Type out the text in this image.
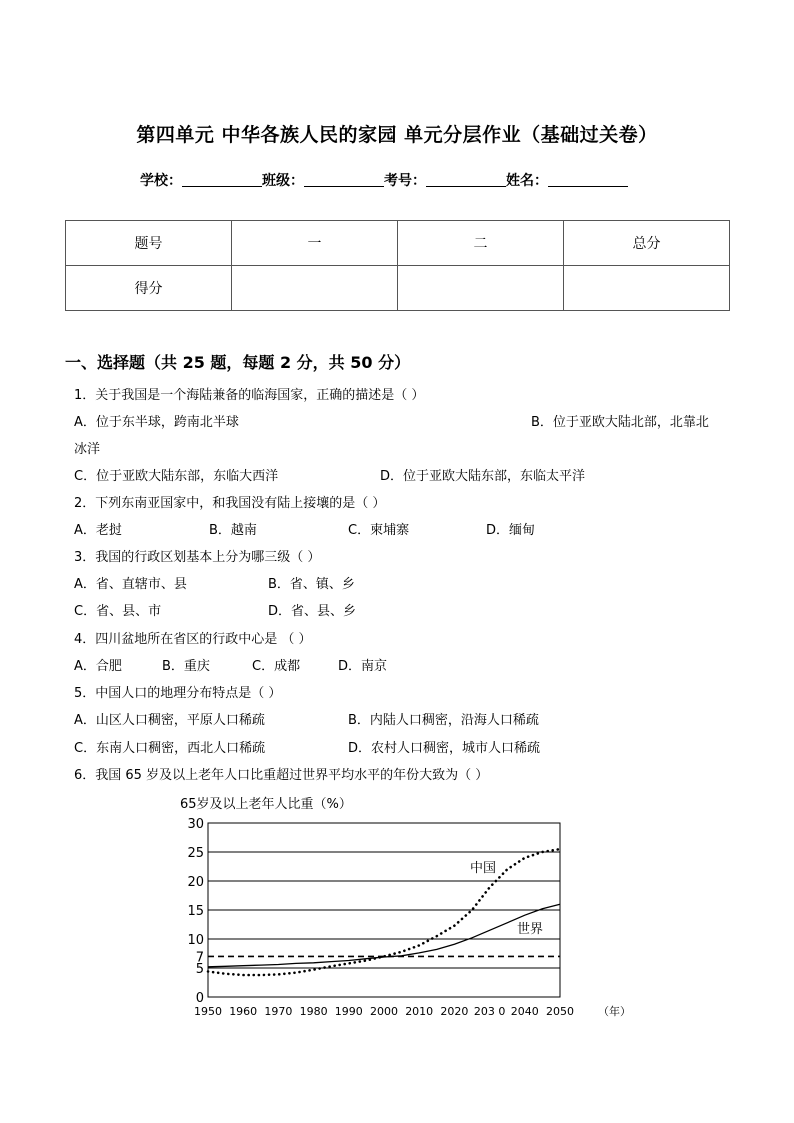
第四单元 中华各族人民的家园 单元分层作业（基础过关卷）
学校：	班级：	考号：	姓名：
题号	一	二	总分
得分			
一、选择题（共 25 题，每题 2 分，共 50 分）
1．关于我国是一个海陆兼备的临海国家，正确的描述是（ ）
A．位于东半球，跨南北半球	B．位于亚欧大陆北部，北靠北
冰洋
C．位于亚欧大陆东部，东临大西洋	D．位于亚欧大陆东部，东临太平洋
2．下列东南亚国家中，和我国没有陆上接壤的是（ ）
A．老挝	B．越南	C．柬埔寨	D．缅甸
3．我国的行政区划基本上分为哪三级（ ）
A．省、直辖市、县	B．省、镇、乡
C．省、县、市	D．省、县、乡
4．四川盆地所在省区的行政中心是 （ ）
A．合肥	B．重庆	C．成都	D．南京
5．中国人口的地理分布特点是（ ）
A．山区人口稠密，平原人口稀疏	B．内陆人口稠密，沿海人口稀疏
C．东南人口稠密，西北人口稀疏	D．农村人口稠密，城市人口稀疏
6．我国 65 岁及以上老年人口比重超过世界平均水平的年份大致为（ ）
65岁及以上老年人比重（%）
0
5
7
10
15
20
25
30
1950 1960 1970 1980 1990 2000 2010 2020 203 0 2040 2050 （年）
中国
世界
